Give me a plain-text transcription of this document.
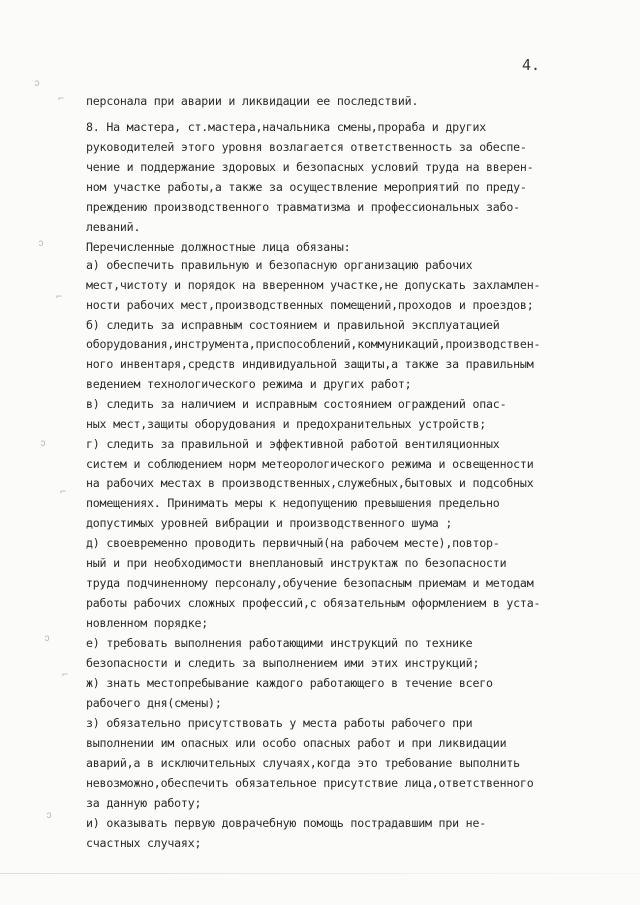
4.
ↄ
⌐
ↄ
⌐
ↄ
⌐
ↄ
⌐
ↄ
персонала при аварии и ликвидации ее последствий.
8. На мастера, ст.мастера,начальника смены,прораба и других
руководителей этого уровня возлагается ответственность за обеспе-
чение и поддержание здоровых и безопасных условий труда на вверен-
ном участке работы,а также за осуществление мероприятий по преду-
преждению производственного травматизма и профессиональных забо-
леваний.
Перечисленные должностные лица обязаны:
а) обеспечить правильную и безопасную организацию рабочих
мест,чистоту и порядок на вверенном участке,не допускать захламлен-
ности рабочих мест,производственных помещений,проходов и проездов;
б) следить за исправным состоянием и правильной эксплуатацией
оборудования,инструмента,приспособлений,коммуникаций,производствен-
ного инвентаря,средств индивидуальной защиты,а также за правильным
ведением технологического режима и других работ;
в) следить за наличием и исправным состоянием ограждений опас-
ных мест,защиты оборудования и предохранительных устройств;
г) следить за правильной и эффективной работой вентиляционных
систем и соблюдением норм метеорологического режима и освещенности
на рабочих местах в производственных,служебных,бытовых и подсобных
помещениях. Принимать меры к недопущению превышения предельно
допустимых уровней вибрации и производственного шума ;
д) своевременно проводить первичный(на рабочем месте),повтор-
ный и при необходимости внеплановый инструктаж по безопасности
труда подчиненному персоналу,обучение безопасным приемам и методам
работы рабочих сложных профессий,с обязательным оформлением в уста-
новленном порядке;
е) требовать выполнения работающими инструкций по технике
безопасности и следить за выполнением ими этих инструкций;
ж) знать местопребывание каждого работающего в течение всего
рабочего дня(смены);
з) обязательно присутствовать у места работы рабочего при
выполнении им опасных или особо опасных работ и при ликвидации
аварий,а в исключительных случаях,когда это требование выполнить
невозможно,обеспечить обязательное присутствие лица,ответственного
за данную работу;
и) оказывать первую доврачебную помощь пострадавшим при не-
счастных случаях;
